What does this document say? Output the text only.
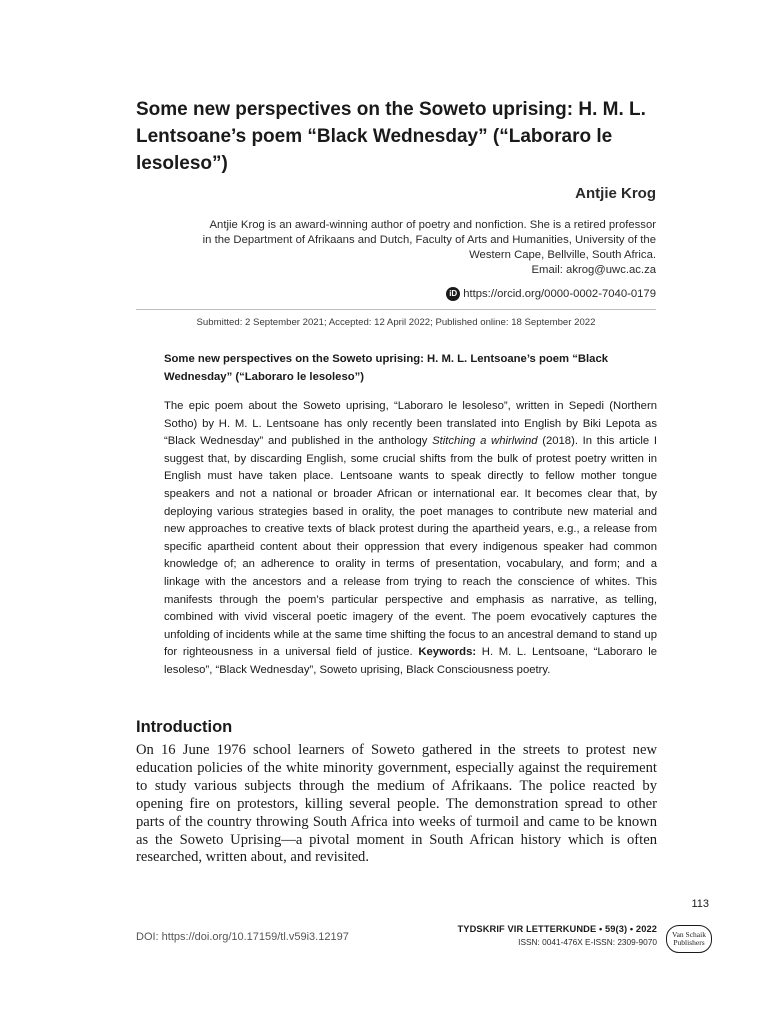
Some new perspectives on the Soweto uprising: H. M. L. Lentsoane’s poem “Black Wednesday” (“Laboraro le lesoleso”)
Antjie Krog
Antjie Krog is an award-winning author of poetry and nonfiction. She is a retired professor
in the Department of Afrikaans and Dutch, Faculty of Arts and Humanities, University of the
Western Cape, Bellville, South Africa.
Email: akrog@uwc.ac.za
iD https://orcid.org/0000-0002-7040-0179
Submitted: 2 September 2021; Accepted: 12 April 2022; Published online: 18 September 2022
Some new perspectives on the Soweto uprising: H. M. L. Lentsoane’s poem “Black Wednesday” (“Laboraro le lesoleso”)

The epic poem about the Soweto uprising, “Laboraro le lesoleso”, written in Sepedi (Northern Sotho) by H. M. L. Lentsoane has only recently been translated into English by Biki Lepota as “Black Wednesday” and published in the anthology Stitching a whirlwind (2018). In this article I suggest that, by discarding English, some crucial shifts from the bulk of protest poetry written in English must have taken place. Lentsoane wants to speak directly to fellow mother tongue speakers and not a national or broader African or international ear. It becomes clear that, by deploying various strategies based in orality, the poet manages to contribute new material and new approaches to creative texts of black protest during the apartheid years, e.g., a release from specific apartheid content about their oppression that every indigenous speaker had common knowledge of; an adherence to orality in terms of presentation, vocabulary, and form; and a linkage with the ancestors and a release from trying to reach the conscience of whites. This manifests through the poem’s particular perspective and emphasis as narrative, as telling, combined with vivid visceral poetic imagery of the event. The poem evocatively captures the unfolding of incidents while at the same time shifting the focus to an ancestral demand to stand up for righteousness in a universal field of justice. Keywords: H. M. L. Lentsoane, “Laboraro le lesoleso”, “Black Wednesday”, Soweto uprising, Black Consciousness poetry.

Introduction

On 16 June 1976 school learners of Soweto gathered in the streets to protest new education policies of the white minority government, especially against the requirement to study various subjects through the medium of Afrikaans. The police reacted by opening fire on protestors, killing several people. The demonstration spread to other parts of the country throwing South Africa into weeks of turmoil and came to be known as the Soweto Uprising—a pivotal moment in South African history which is often researched, written about, and revisited.

113
DOI: https://doi.org/10.17159/tl.v59i3.12197
TYDSKRIF VIR LETTERKUNDE • 59(3) • 2022
ISSN: 0041-476X E-ISSN: 2309-9070
Van Schaik
Publishers
